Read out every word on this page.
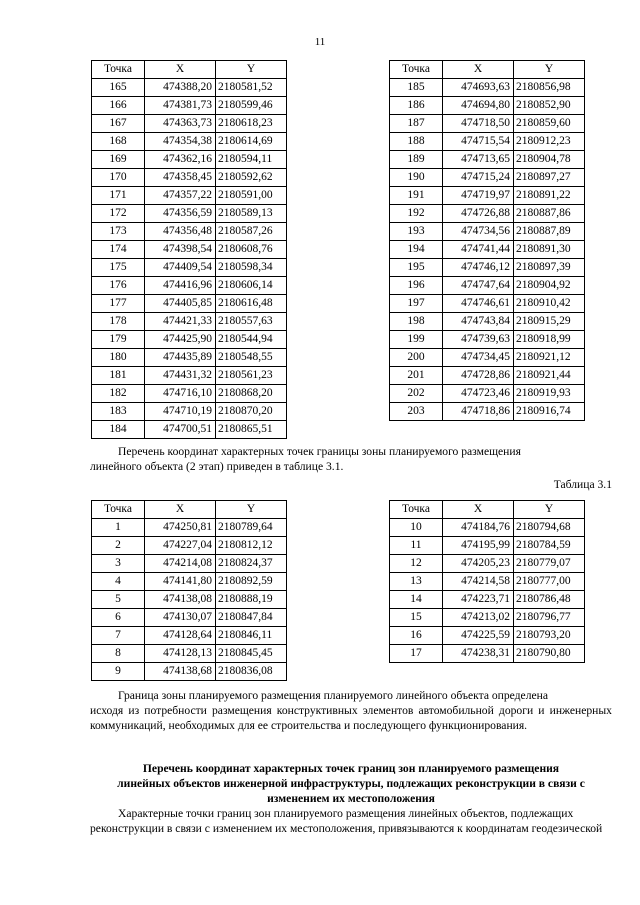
11
Точка	X	Y
165	474388,20	2180581,52
166	474381,73	2180599,46
167	474363,73	2180618,23
168	474354,38	2180614,69
169	474362,16	2180594,11
170	474358,45	2180592,62
171	474357,22	2180591,00
172	474356,59	2180589,13
173	474356,48	2180587,26
174	474398,54	2180608,76
175	474409,54	2180598,34
176	474416,96	2180606,14
177	474405,85	2180616,48
178	474421,33	2180557,63
179	474425,90	2180544,94
180	474435,89	2180548,55
181	474431,32	2180561,23
182	474716,10	2180868,20
183	474710,19	2180870,20
184	474700,51	2180865,51
Точка	X	Y
185	474693,63	2180856,98
186	474694,80	2180852,90
187	474718,50	2180859,60
188	474715,54	2180912,23
189	474713,65	2180904,78
190	474715,24	2180897,27
191	474719,97	2180891,22
192	474726,88	2180887,86
193	474734,56	2180887,89
194	474741,44	2180891,30
195	474746,12	2180897,39
196	474747,64	2180904,92
197	474746,61	2180910,42
198	474743,84	2180915,29
199	474739,63	2180918,99
200	474734,45	2180921,12
201	474728,86	2180921,44
202	474723,46	2180919,93
203	474718,86	2180916,74
Перечень координат характерных точек границы зоны планируемого размещения
линейного объекта (2 этап) приведен в таблице 3.1.
Таблица 3.1
Точка	X	Y
1	474250,81	2180789,64
2	474227,04	2180812,12
3	474214,08	2180824,37
4	474141,80	2180892,59
5	474138,08	2180888,19
6	474130,07	2180847,84
7	474128,64	2180846,11
8	474128,13	2180845,45
9	474138,68	2180836,08
Точка	X	Y
10	474184,76	2180794,68
11	474195,99	2180784,59
12	474205,23	2180779,07
13	474214,58	2180777,00
14	474223,71	2180786,48
15	474213,02	2180796,77
16	474225,59	2180793,20
17	474238,31	2180790,80
Граница зоны планируемого размещения планируемого линейного объекта определена
исходя из потребности размещения конструктивных элементов автомобильной дороги и инженерных коммуникаций, необходимых для ее строительства и последующего функционирования.
Перечень координат характерных точек границ зон планируемого размещения
линейных объектов инженерной инфраструктуры, подлежащих реконструкции в связи с
изменением их местоположения
Характерные точки границ зон планируемого размещения линейных объектов, подлежащих
реконструкции в связи с изменением их местоположения, привязываются к координатам геодезической
